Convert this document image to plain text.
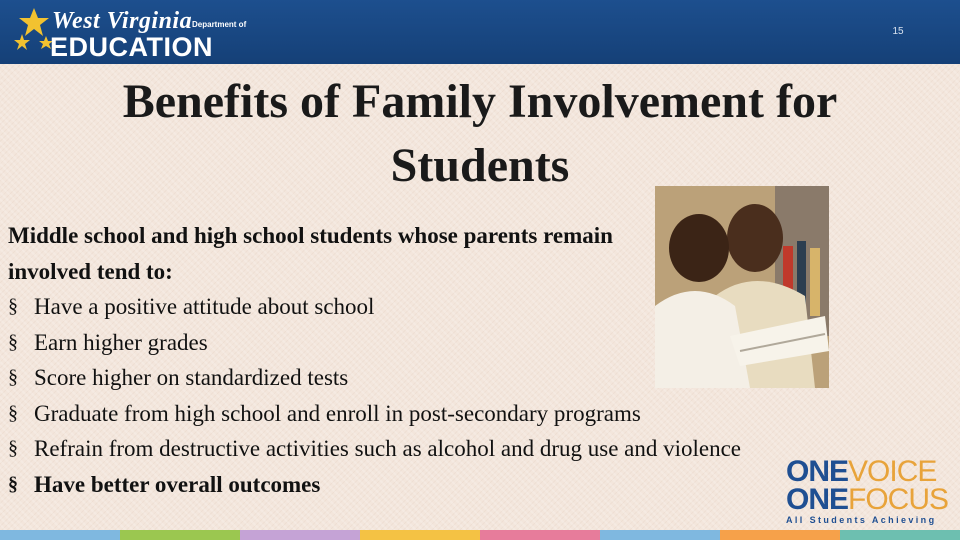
West Virginia Department of
EDUCATION
15
Benefits of Family Involvement for Students
Middle school and high school students whose parents remain involved tend to:
§ Have a positive attitude about school
§ Earn higher grades
§ Score higher on standardized tests
§ Graduate from high school and enroll in post-secondary programs
§ Refrain from destructive activities such as alcohol and drug use and violence
§ Have better overall outcomes	ONEVOICE
ONEFOCUS
All Students Achieving
